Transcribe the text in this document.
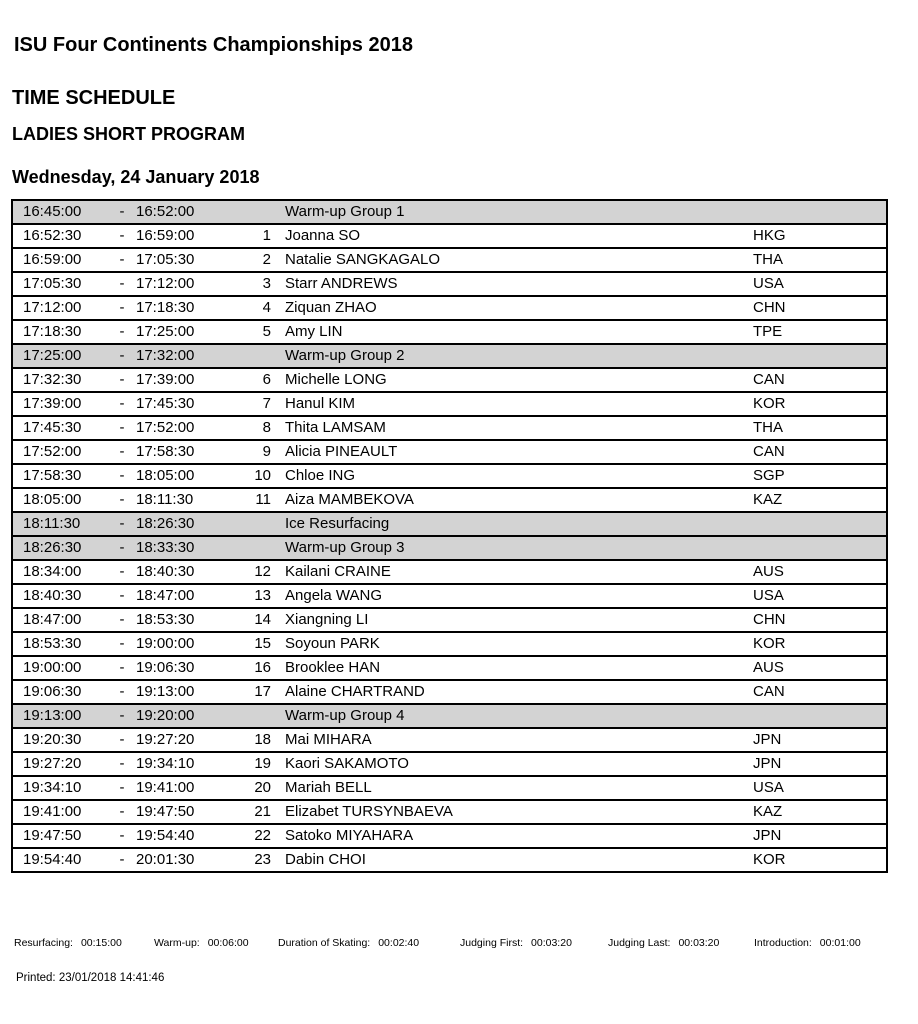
ISU Four Continents Championships 2018
TIME SCHEDULE
LADIES SHORT PROGRAM
Wednesday, 24 January 2018
16:45:00	-	16:52:00		Warm-up Group 1	
16:52:30	-	16:59:00	1	Joanna SO	HKG
16:59:00	-	17:05:30	2	Natalie SANGKAGALO	THA
17:05:30	-	17:12:00	3	Starr ANDREWS	USA
17:12:00	-	17:18:30	4	Ziquan ZHAO	CHN
17:18:30	-	17:25:00	5	Amy LIN	TPE
17:25:00	-	17:32:00		Warm-up Group 2	
17:32:30	-	17:39:00	6	Michelle LONG	CAN
17:39:00	-	17:45:30	7	Hanul KIM	KOR
17:45:30	-	17:52:00	8	Thita LAMSAM	THA
17:52:00	-	17:58:30	9	Alicia PINEAULT	CAN
17:58:30	-	18:05:00	10	Chloe ING	SGP
18:05:00	-	18:11:30	11	Aiza MAMBEKOVA	KAZ
18:11:30	-	18:26:30		Ice Resurfacing	
18:26:30	-	18:33:30		Warm-up Group 3	
18:34:00	-	18:40:30	12	Kailani CRAINE	AUS
18:40:30	-	18:47:00	13	Angela WANG	USA
18:47:00	-	18:53:30	14	Xiangning LI	CHN
18:53:30	-	19:00:00	15	Soyoun PARK	KOR
19:00:00	-	19:06:30	16	Brooklee HAN	AUS
19:06:30	-	19:13:00	17	Alaine CHARTRAND	CAN
19:13:00	-	19:20:00		Warm-up Group 4	
19:20:30	-	19:27:20	18	Mai MIHARA	JPN
19:27:20	-	19:34:10	19	Kaori SAKAMOTO	JPN
19:34:10	-	19:41:00	20	Mariah BELL	USA
19:41:00	-	19:47:50	21	Elizabet TURSYNBAEVA	KAZ
19:47:50	-	19:54:40	22	Satoko MIYAHARA	JPN
19:54:40	-	20:01:30	23	Dabin CHOI	KOR
Resurfacing: 00:15:00	Warm-up: 00:06:00	Duration of Skating: 00:02:40	Judging First: 00:03:20	Judging Last: 00:03:20	Introduction: 00:01:00
Printed: 23/01/2018 14:41:46
